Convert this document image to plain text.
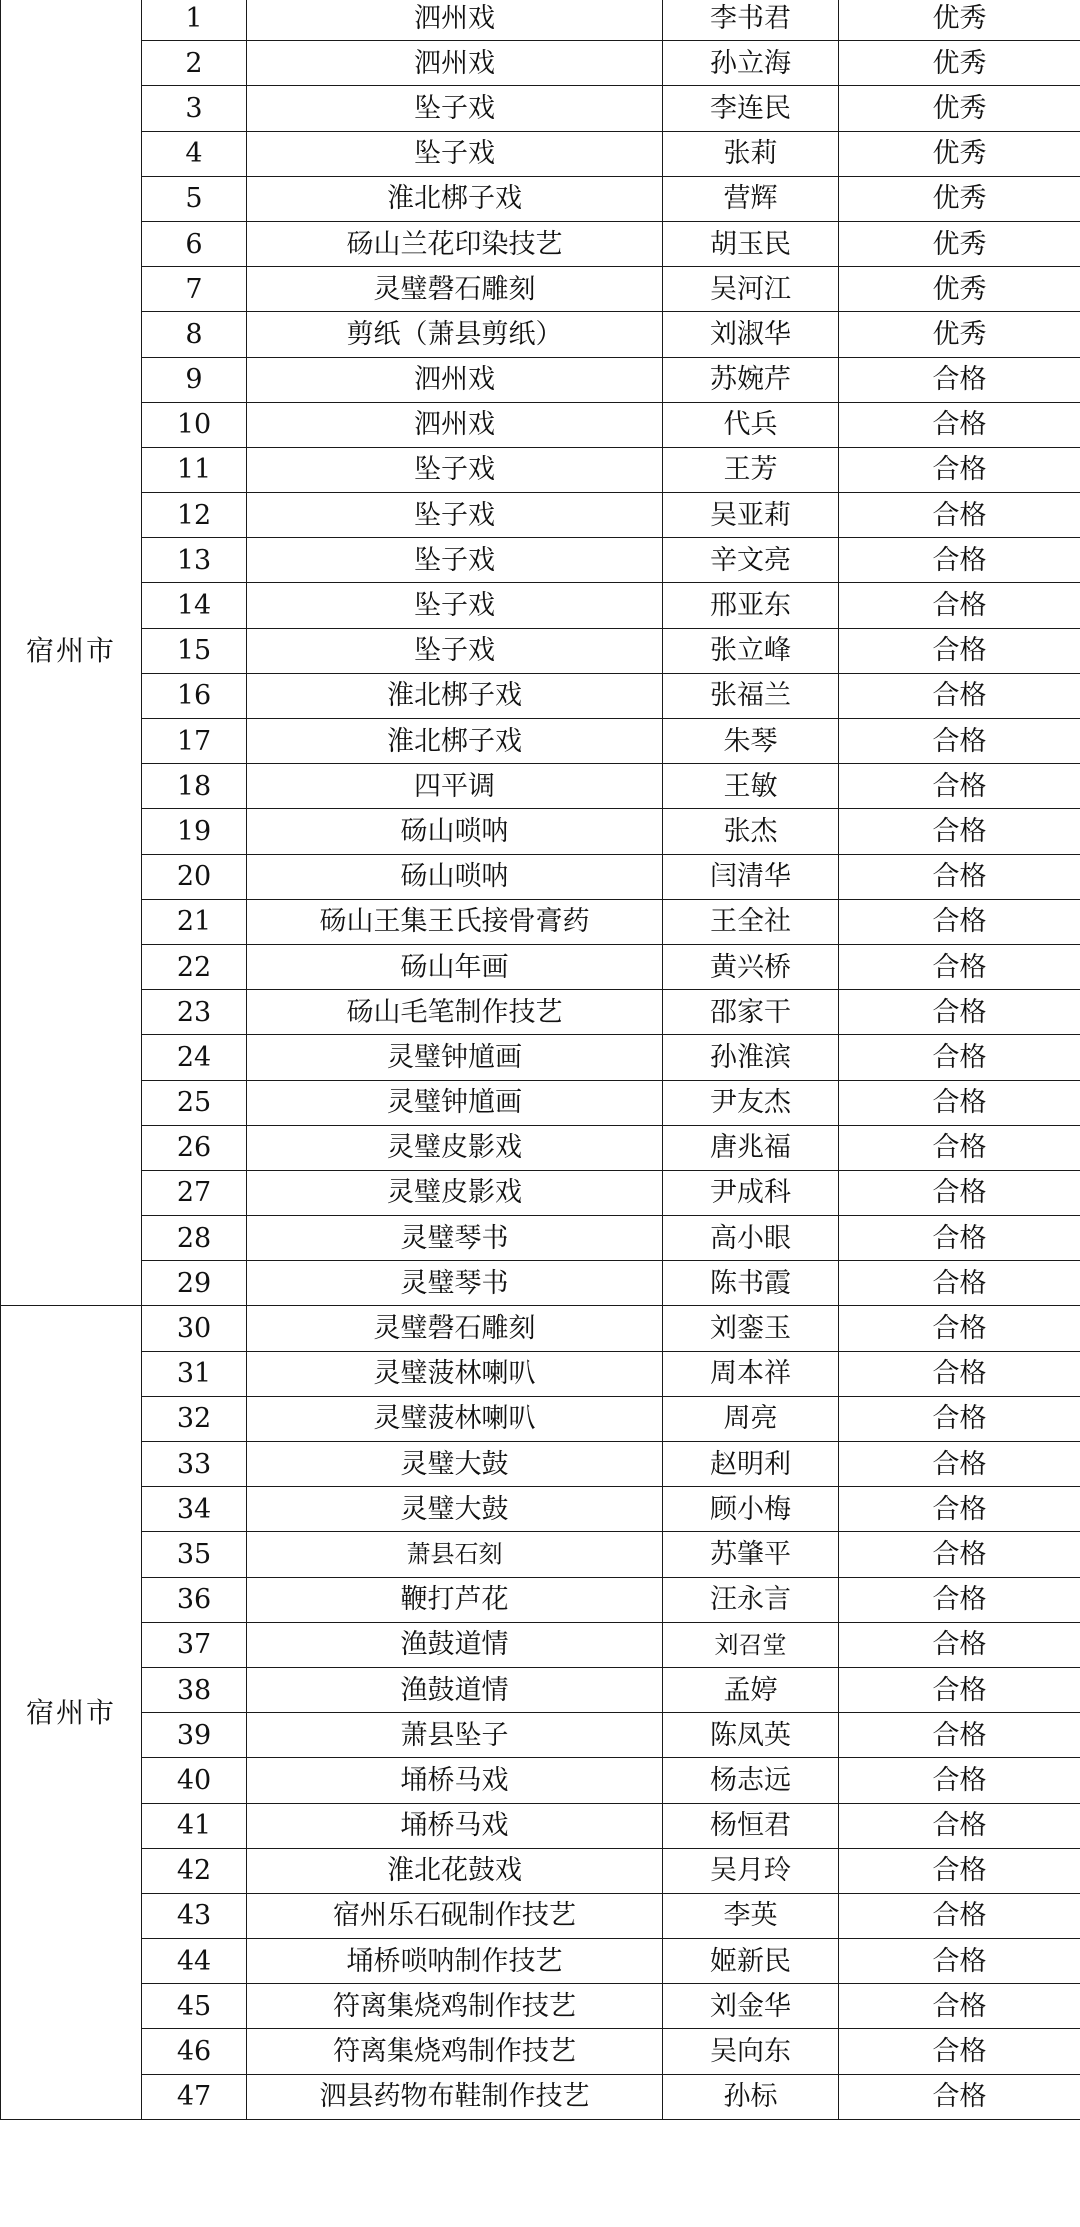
宿州市	1	泗州戏	李书君	优秀
	2	泗州戏	孙立海	优秀
	3	坠子戏	李连民	优秀
	4	坠子戏	张莉	优秀
	5	淮北梆子戏	营辉	优秀
	6	砀山兰花印染技艺	胡玉民	优秀
	7	灵璧磬石雕刻	吴河江	优秀
	8	剪纸（萧县剪纸）	刘淑华	优秀
	9	泗州戏	苏婉芹	合格
	10	泗州戏	代兵	合格
	11	坠子戏	王芳	合格
	12	坠子戏	吴亚莉	合格
	13	坠子戏	辛文亮	合格
	14	坠子戏	邢亚东	合格
	15	坠子戏	张立峰	合格
	16	淮北梆子戏	张福兰	合格
	17	淮北梆子戏	朱琴	合格
	18	四平调	王敏	合格
	19	砀山唢呐	张杰	合格
	20	砀山唢呐	闫清华	合格
	21	砀山王集王氏接骨膏药	王全社	合格
	22	砀山年画	黄兴桥	合格
	23	砀山毛笔制作技艺	邵家干	合格
	24	灵璧钟馗画	孙淮滨	合格
	25	灵璧钟馗画	尹友杰	合格
	26	灵璧皮影戏	唐兆福	合格
	27	灵璧皮影戏	尹成科	合格
	28	灵璧琴书	高小眼	合格
	29	灵璧琴书	陈书霞	合格
宿州市	30	灵璧磬石雕刻	刘銮玉	合格
	31	灵璧菠林喇叭	周本祥	合格
	32	灵璧菠林喇叭	周亮	合格
	33	灵璧大鼓	赵明利	合格
	34	灵璧大鼓	顾小梅	合格
	35	萧县石刻	苏肇平	合格
	36	鞭打芦花	汪永言	合格
	37	渔鼓道情	刘召堂	合格
	38	渔鼓道情	孟婷	合格
	39	萧县坠子	陈凤英	合格
	40	埇桥马戏	杨志远	合格
	41	埇桥马戏	杨恒君	合格
	42	淮北花鼓戏	吴月玲	合格
	43	宿州乐石砚制作技艺	李英	合格
	44	埇桥唢呐制作技艺	姬新民	合格
	45	符离集烧鸡制作技艺	刘金华	合格
	46	符离集烧鸡制作技艺	吴向东	合格
	47	泗县药物布鞋制作技艺	孙标	合格
